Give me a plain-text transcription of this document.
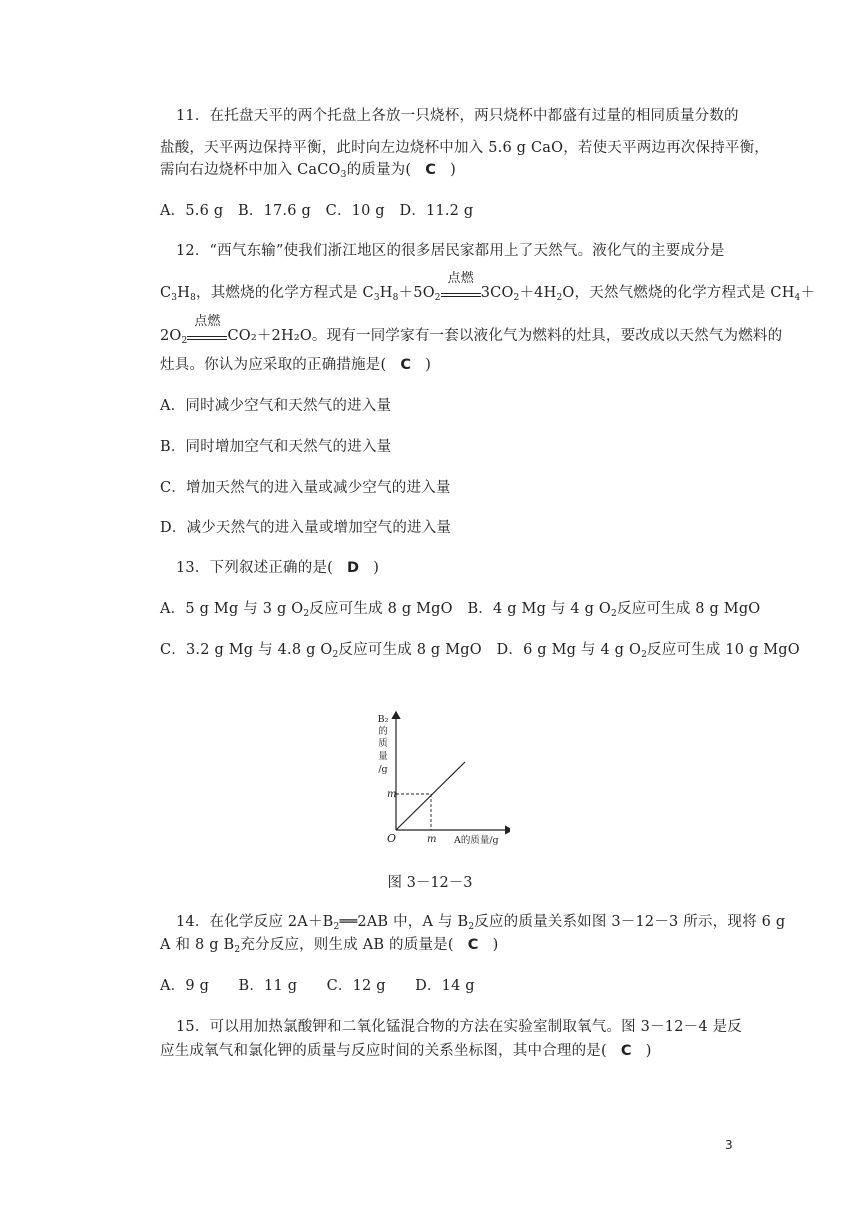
11．在托盘天平的两个托盘上各放一只烧杯，两只烧杯中都盛有过量的相同质量分数的
盐酸，天平两边保持平衡，此时向左边烧杯中加入 5.6 g CaO，若使天平两边再次保持平衡，
需向右边烧杯中加入 CaCO$_3$的质量为( C )
A．5.6 g　B．17.6 g　C．10 g　D．11.2 g
12．“西气东输”使我们浙江地区的很多居民家都用上了天然气。液化气的主要成分是
$C_3H_8$，其燃烧的化学方程式是 $C_3H_8+5O_2$
点燃
$3CO_2+4H_2O$，天然气燃烧的化学方程式是 $CH_4+$
$2O_2$
点燃
CO₂＋2H₂O。现有一同学家有一套以液化气为燃料的灶具，要改成以天然气为燃料的
灶具。你认为应采取的正确措施是( C )
A．同时减少空气和天然气的进入量
B．同时增加空气和天然气的进入量
C．增加天然气的进入量或减少空气的进入量
D．减少天然气的进入量或增加空气的进入量
13．下列叙述正确的是( D )
A．5 g Mg 与 3 g $O_2$反应可生成 8 g MgO　B．4 g Mg 与 4 g $O_2$反应可生成 8 g MgO
C．3.2 g Mg 与 4.8 g $O_2$反应可生成 8 g MgO　D．6 g Mg 与 4 g $O_2$反应可生成 10 g MgO
B₂
的
质
量
/g
m
m
O	A的质量/g
图 3－12－3
14．在化学反应 $2A+B_2══2AB$ 中，A 与 $B_2$反应的质量关系如图 3－12－3 所示，现将 6 g
A 和 8 g $B_2$充分反应，则生成 AB 的质量是( C )
A．9 g　　B．11 g　　C．12 g　　D．14 g
15．可以用加热氯酸钾和二氧化锰混合物的方法在实验室制取氧气。图 3－12－4 是反
应生成氧气和氯化钾的质量与反应时间的关系坐标图，其中合理的是( C )
3
